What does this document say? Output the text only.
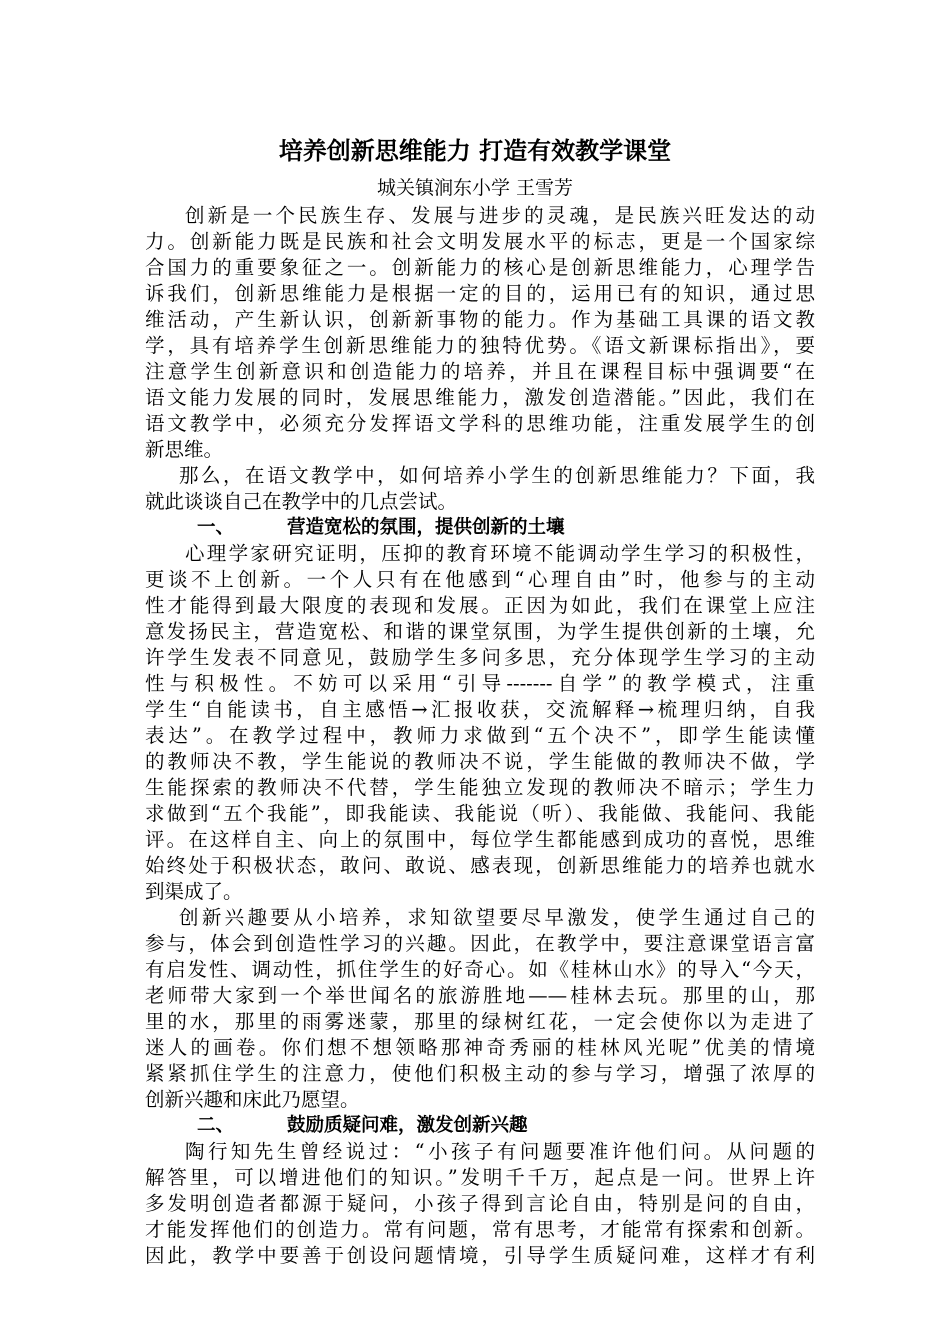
培养创新思维能力 打造有效教学课堂
城关镇涧东小学 王雪芳
创新是一个民族生存、发展与进步的灵魂，是民族兴旺发达的动
力。创新能力既是民族和社会文明发展水平的标志，更是一个国家综
合国力的重要象征之一。创新能力的核心是创新思维能力，心理学告
诉我们，创新思维能力是根据一定的目的，运用已有的知识，通过思
维活动，产生新认识，创新新事物的能力。作为基础工具课的语文教
学，具有培养学生创新思维能力的独特优势。《语文新课标指出》，要
注意学生创新意识和创造能力的培养，并且在课程目标中强调要“在
语文能力发展的同时，发展思维能力，激发创造潜能。”因此，我们在
语文教学中，必须充分发挥语文学科的思维功能，注重发展学生的创
新思维。
那么，在语文教学中，如何培养小学生的创新思维能力？下面，我
就此谈谈自己在教学中的几点尝试。
一、	营造宽松的氛围，提供创新的土壤
心理学家研究证明，压抑的教育环境不能调动学生学习的积极性，
更谈不上创新。一个人只有在他感到“心理自由”时，他参与的主动
性才能得到最大限度的表现和发展。正因为如此，我们在课堂上应注
意发扬民主，营造宽松、和谐的课堂氛围，为学生提供创新的土壤，允
许学生发表不同意见，鼓励学生多问多思，充分体现学生学习的主动
性与积极性。不妨可以采用“引导-------自学”的教学模式，注重
学生“自能读书，自主感悟→汇报收获，交流解释→梳理归纳，自我
表达”。在教学过程中，教师力求做到“五个决不”，即学生能读懂
的教师决不教，学生能说的教师决不说，学生能做的教师决不做，学
生能探索的教师决不代替，学生能独立发现的教师决不暗示；学生力
求做到“五个我能”，即我能读、我能说（听）、我能做、我能问、我能
评。在这样自主、向上的氛围中，每位学生都能感到成功的喜悦，思维
始终处于积极状态，敢问、敢说、感表现，创新思维能力的培养也就水
到渠成了。
创新兴趣要从小培养，求知欲望要尽早激发，使学生通过自己的
参与，体会到创造性学习的兴趣。因此，在教学中，要注意课堂语言富
有启发性、调动性，抓住学生的好奇心。如《桂林山水》的导入“今天，
老师带大家到一个举世闻名的旅游胜地——桂林去玩。那里的山，那
里的水，那里的雨雾迷蒙，那里的绿树红花，一定会使你以为走进了
迷人的画卷。你们想不想领略那神奇秀丽的桂林风光呢”优美的情境
紧紧抓住学生的注意力，使他们积极主动的参与学习，增强了浓厚的
创新兴趣和床此乃愿望。
二、	鼓励质疑问难，激发创新兴趣
陶行知先生曾经说过：“小孩子有问题要准许他们问。从问题的
解答里，可以增进他们的知识。”发明千千万，起点是一问。世界上许
多发明创造者都源于疑问，小孩子得到言论自由，特别是问的自由，
才能发挥他们的创造力。常有问题，常有思考，才能常有探索和创新。
因此，教学中要善于创设问题情境，引导学生质疑问难，这样才有利
